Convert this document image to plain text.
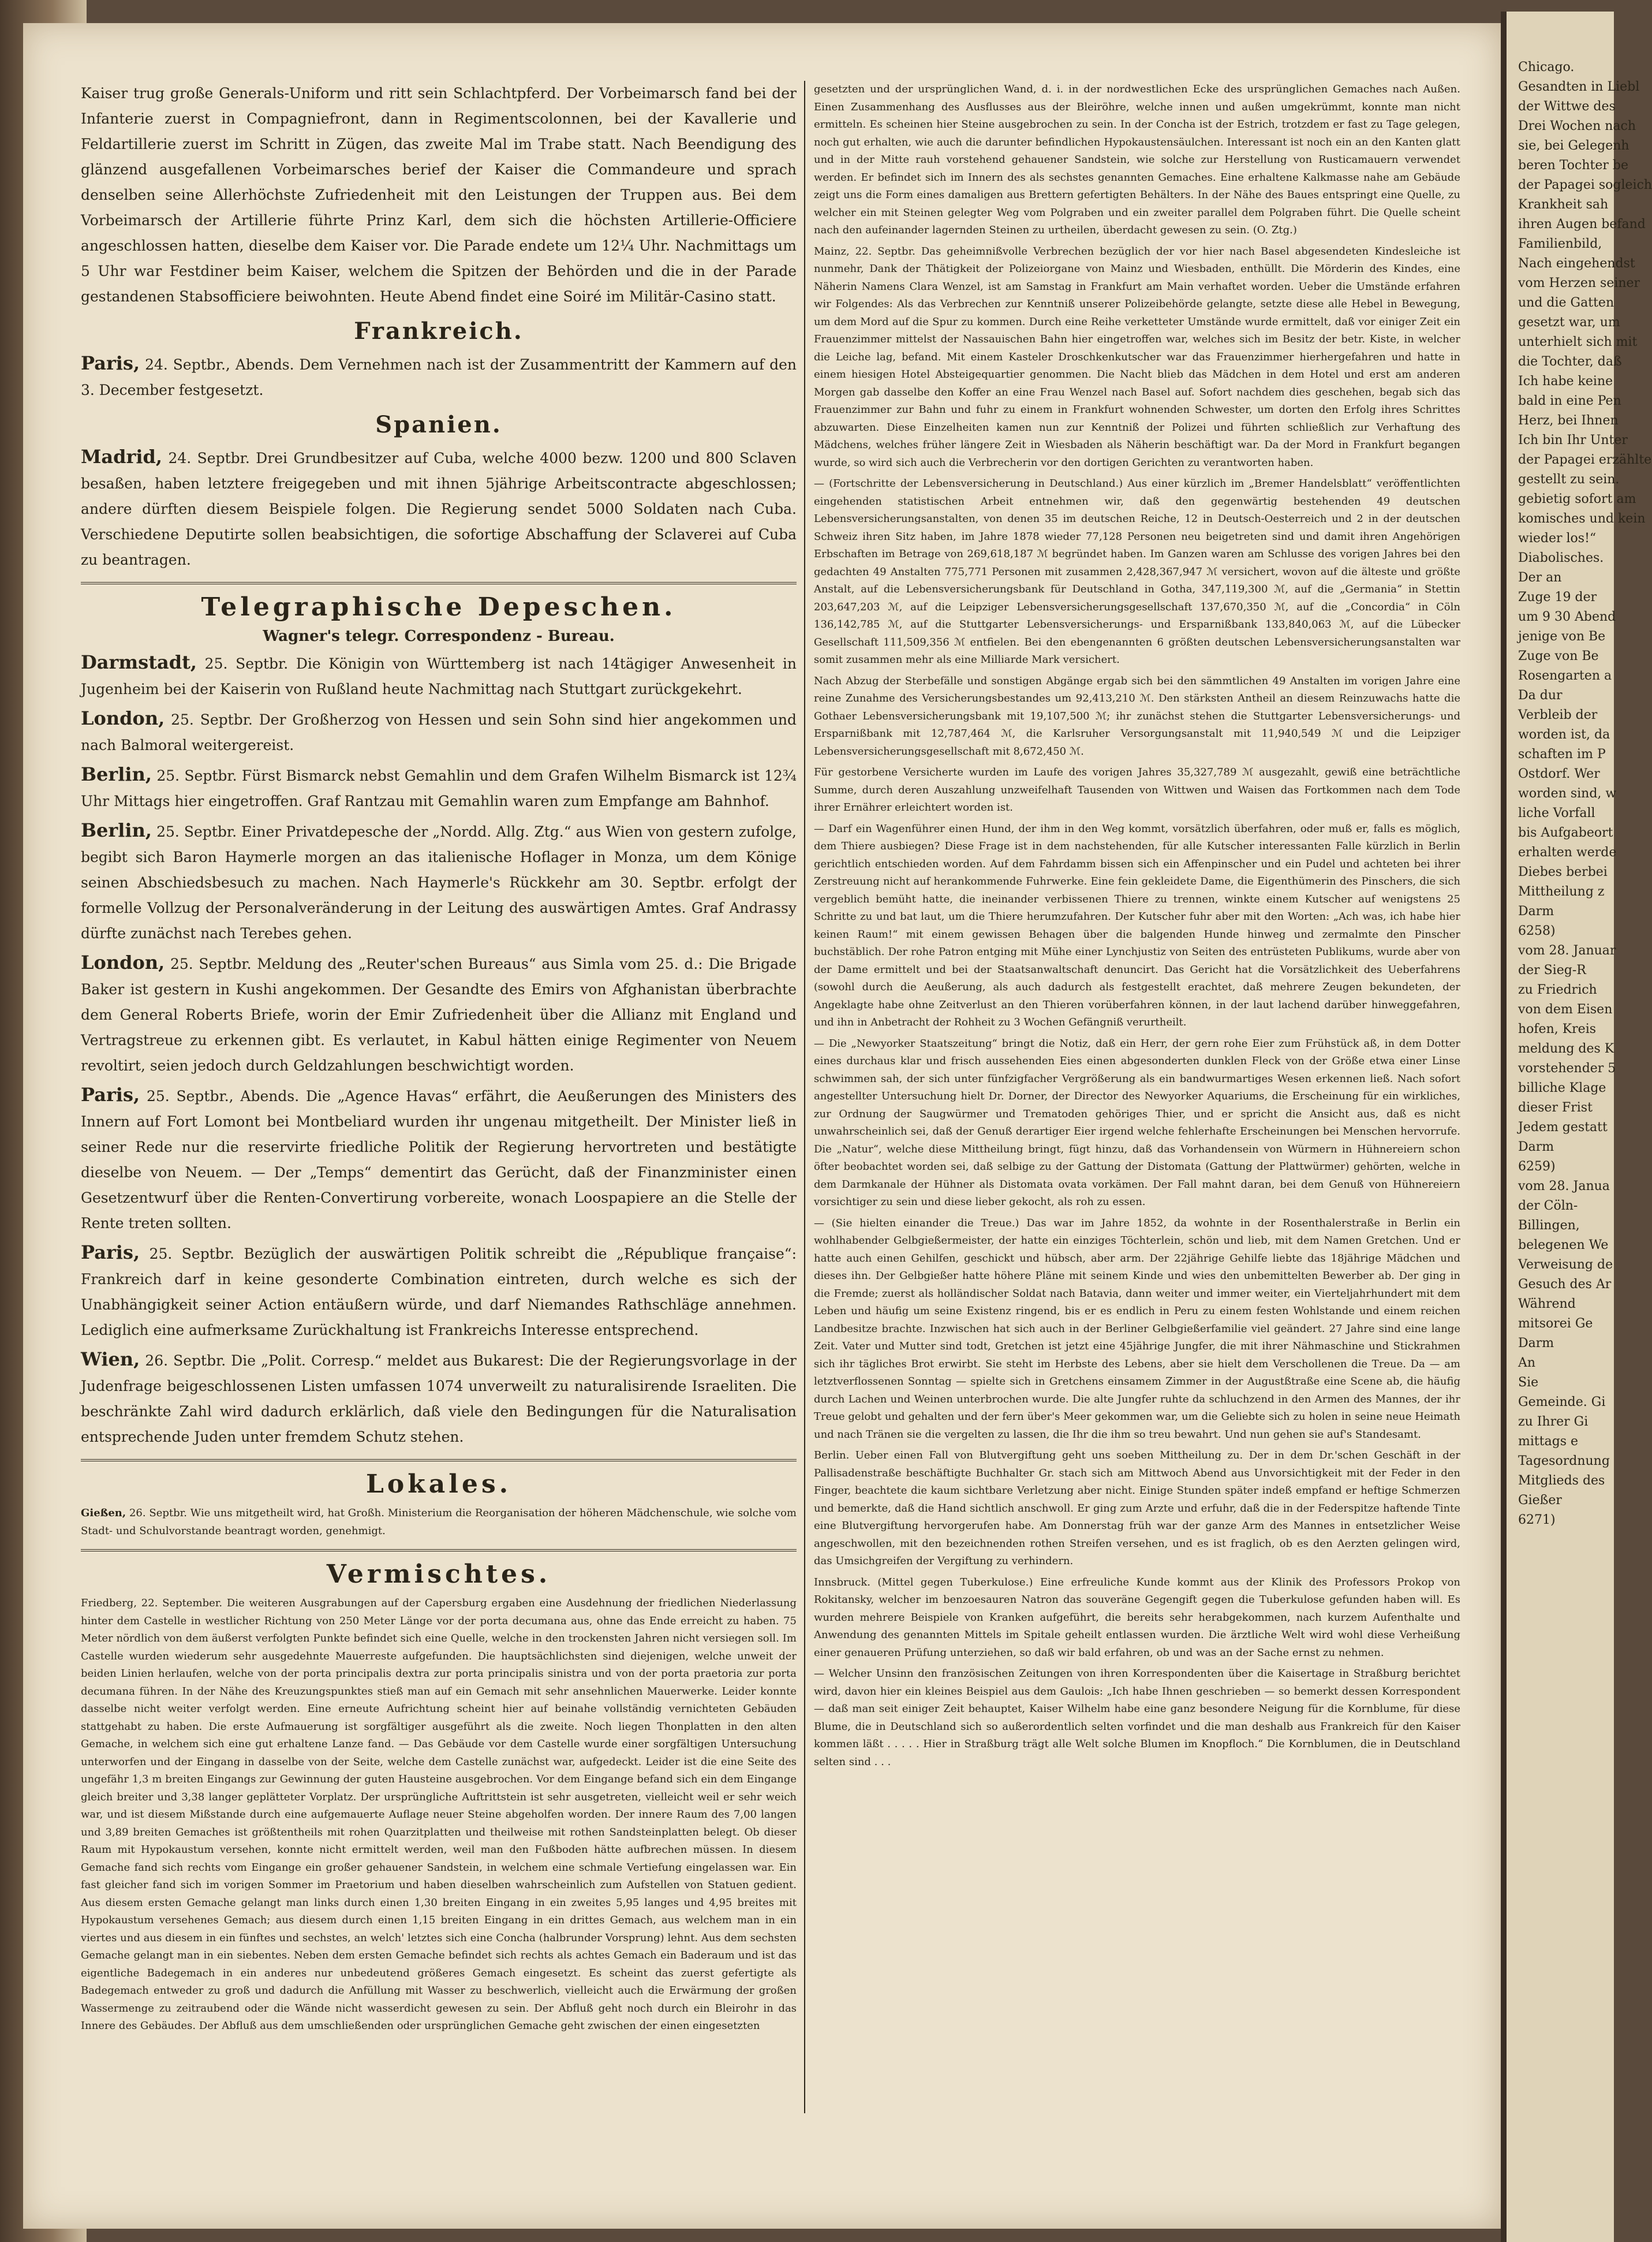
Kaiser trug große Generals-Uniform und ritt sein Schlachtpferd. Der Vorbeimarsch fand bei der Infanterie zuerst in Compagniefront, dann in Regimentscolonnen, bei der Kavallerie und Feldartillerie zuerst im Schritt in Zügen, das zweite Mal im Trabe statt. Nach Beendigung des glänzend ausgefallenen Vorbeimarsches berief der Kaiser die Commandeure und sprach denselben seine Allerhöchste Zufriedenheit mit den Leistungen der Truppen aus. Bei dem Vorbeimarsch der Artillerie führte Prinz Karl, dem sich die höchsten Artillerie-Officiere angeschlossen hatten, dieselbe dem Kaiser vor. Die Parade endete um 12¼ Uhr. Nachmittags um 5 Uhr war Festdiner beim Kaiser, welchem die Spitzen der Behörden und die in der Parade gestandenen Stabsofficiere beiwohnten. Heute Abend findet eine Soiré im Militär-Casino statt.

Frankreich.

Paris, 24. Septbr., Abends. Dem Vernehmen nach ist der Zusammentritt der Kammern auf den 3. December festgesetzt.

Spanien.

Madrid, 24. Septbr. Drei Grundbesitzer auf Cuba, welche 4000 bezw. 1200 und 800 Sclaven besaßen, haben letztere freigegeben und mit ihnen 5jährige Arbeitscontracte abgeschlossen; andere dürften diesem Beispiele folgen. Die Regierung sendet 5000 Soldaten nach Cuba. Verschiedene Deputirte sollen beabsichtigen, die sofortige Abschaffung der Sclaverei auf Cuba zu beantragen.

Telegraphische Depeschen.
Wagner's telegr. Correspondenz - Bureau.

Darmstadt, 25. Septbr. Die Königin von Württemberg ist nach 14tägiger Anwesenheit in Jugenheim bei der Kaiserin von Rußland heute Nachmittag nach Stuttgart zurückgekehrt.

London, 25. Septbr. Der Großherzog von Hessen und sein Sohn sind hier angekommen und nach Balmoral weitergereist.

Berlin, 25. Septbr. Fürst Bismarck nebst Gemahlin und dem Grafen Wilhelm Bismarck ist 12¾ Uhr Mittags hier eingetroffen. Graf Rantzau mit Gemahlin waren zum Empfange am Bahnhof.

Berlin, 25. Septbr. Einer Privatdepesche der „Nordd. Allg. Ztg.“ aus Wien von gestern zufolge, begibt sich Baron Haymerle morgen an das italienische Hoflager in Monza, um dem Könige seinen Abschiedsbesuch zu machen. Nach Haymerle's Rückkehr am 30. Septbr. erfolgt der formelle Vollzug der Personalveränderung in der Leitung des auswärtigen Amtes. Graf Andrassy dürfte zunächst nach Terebes gehen.

London, 25. Septbr. Meldung des „Reuter'schen Bureaus“ aus Simla vom 25. d.: Die Brigade Baker ist gestern in Kushi angekommen. Der Gesandte des Emirs von Afghanistan überbrachte dem General Roberts Briefe, worin der Emir Zufriedenheit über die Allianz mit England und Vertragstreue zu erkennen gibt. Es verlautet, in Kabul hätten einige Regimenter von Neuem revoltirt, seien jedoch durch Geldzahlungen beschwichtigt worden.

Paris, 25. Septbr., Abends. Die „Agence Havas“ erfährt, die Aeußerungen des Ministers des Innern auf Fort Lomont bei Montbeliard wurden ihr ungenau mitgetheilt. Der Minister ließ in seiner Rede nur die reservirte friedliche Politik der Regierung hervortreten und bestätigte dieselbe von Neuem. — Der „Temps“ dementirt das Gerücht, daß der Finanzminister einen Gesetzentwurf über die Renten-Convertirung vorbereite, wonach Loospapiere an die Stelle der Rente treten sollten.

Paris, 25. Septbr. Bezüglich der auswärtigen Politik schreibt die „République française“: Frankreich darf in keine gesonderte Combination eintreten, durch welche es sich der Unabhängigkeit seiner Action entäußern würde, und darf Niemandes Rathschläge annehmen. Lediglich eine aufmerksame Zurückhaltung ist Frankreichs Interesse entsprechend.

Wien, 26. Septbr. Die „Polit. Corresp.“ meldet aus Bukarest: Die der Regierungsvorlage in der Judenfrage beigeschlossenen Listen umfassen 1074 unverweilt zu naturalisirende Israeliten. Die beschränkte Zahl wird dadurch erklärlich, daß viele den Bedingungen für die Naturalisation entsprechende Juden unter fremdem Schutz stehen.

Lokales.

Gießen, 26. Septbr. Wie uns mitgetheilt wird, hat Großh. Ministerium die Reorganisation der höheren Mädchenschule, wie solche vom Stadt- und Schulvorstande beantragt worden, genehmigt.

Vermischtes.

Friedberg, 22. September. Die weiteren Ausgrabungen auf der Capersburg ergaben eine Ausdehnung der friedlichen Niederlassung hinter dem Castelle in westlicher Richtung von 250 Meter Länge vor der porta decumana aus, ohne das Ende erreicht zu haben. 75 Meter nördlich von dem äußerst verfolgten Punkte befindet sich eine Quelle, welche in den trockensten Jahren nicht versiegen soll. Im Castelle wurden wiederum sehr ausgedehnte Mauerreste aufgefunden. Die hauptsächlichsten sind diejenigen, welche unweit der beiden Linien herlaufen, welche von der porta principalis dextra zur porta principalis sinistra und von der porta praetoria zur porta decumana führen. In der Nähe des Kreuzungspunktes stieß man auf ein Gemach mit sehr ansehnlichen Mauerwerke. Leider konnte dasselbe nicht weiter verfolgt werden. Eine erneute Aufrichtung scheint hier auf beinahe vollständig vernichteten Gebäuden stattgehabt zu haben. Die erste Aufmauerung ist sorgfältiger ausgeführt als die zweite. Noch liegen Thonplatten in den alten Gemache, in welchem sich eine gut erhaltene Lanze fand. — Das Gebäude vor dem Castelle wurde einer sorgfältigen Untersuchung unterworfen und der Eingang in dasselbe von der Seite, welche dem Castelle zunächst war, aufgedeckt. Leider ist die eine Seite des ungefähr 1,3 m breiten Eingangs zur Gewinnung der guten Hausteine ausgebrochen. Vor dem Eingange befand sich ein dem Eingange gleich breiter und 3,38 langer geplätteter Vorplatz. Der ursprüngliche Auftrittstein ist sehr ausgetreten, vielleicht weil er sehr weich war, und ist diesem Mißstande durch eine aufgemauerte Auflage neuer Steine abgeholfen worden. Der innere Raum des 7,00 langen und 3,89 breiten Gemaches ist größtentheils mit rohen Quarzitplatten und theilweise mit rothen Sandsteinplatten belegt. Ob dieser Raum mit Hypokaustum versehen, konnte nicht ermittelt werden, weil man den Fußboden hätte aufbrechen müssen. In diesem Gemache fand sich rechts vom Eingange ein großer gehauener Sandstein, in welchem eine schmale Vertiefung eingelassen war. Ein fast gleicher fand sich im vorigen Sommer im Praetorium und haben dieselben wahrscheinlich zum Aufstellen von Statuen gedient. Aus diesem ersten Gemache gelangt man links durch einen 1,30 breiten Eingang in ein zweites 5,95 langes und 4,95 breites mit Hypokaustum versehenes Gemach; aus diesem durch einen 1,15 breiten Eingang in ein drittes Gemach, aus welchem man in ein viertes und aus diesem in ein fünftes und sechstes, an welch' letztes sich eine Concha (halbrunder Vorsprung) lehnt. Aus dem sechsten Gemache gelangt man in ein siebentes. Neben dem ersten Gemache befindet sich rechts als achtes Gemach ein Baderaum und ist das eigentliche Badegemach in ein anderes nur unbedeutend größeres Gemach eingesetzt. Es scheint das zuerst gefertigte als Badegemach entweder zu groß und dadurch die Anfüllung mit Wasser zu beschwerlich, vielleicht auch die Erwärmung der großen Wassermenge zu zeitraubend oder die Wände nicht wasserdicht gewesen zu sein. Der Abfluß geht noch durch ein Bleirohr in das Innere des Gebäudes. Der Abfluß aus dem umschließenden oder ursprünglichen Gemache geht zwischen der einen eingesetzten

gesetzten und der ursprünglichen Wand, d. i. in der nordwestlichen Ecke des ursprünglichen Gemaches nach Außen. Einen Zusammenhang des Ausflusses aus der Bleiröhre, welche innen und außen umgekrümmt, konnte man nicht ermitteln. Es scheinen hier Steine ausgebrochen zu sein. In der Concha ist der Estrich, trotzdem er fast zu Tage gelegen, noch gut erhalten, wie auch die darunter befindlichen Hypokaustensäulchen. Interessant ist noch ein an den Kanten glatt und in der Mitte rauh vorstehend gehauener Sandstein, wie solche zur Herstellung von Rusticamauern verwendet werden. Er befindet sich im Innern des als sechstes genannten Gemaches. Eine erhaltene Kalkmasse nahe am Gebäude zeigt uns die Form eines damaligen aus Brettern gefertigten Behälters. In der Nähe des Baues entspringt eine Quelle, zu welcher ein mit Steinen gelegter Weg vom Polgraben und ein zweiter parallel dem Polgraben führt. Die Quelle scheint nach den aufeinander lagernden Steinen zu urtheilen, überdacht gewesen zu sein. (O. Ztg.)

Mainz, 22. Septbr. Das geheimnißvolle Verbrechen bezüglich der vor hier nach Basel abgesendeten Kindesleiche ist nunmehr, Dank der Thätigkeit der Polizeiorgane von Mainz und Wiesbaden, enthüllt. Die Mörderin des Kindes, eine Näherin Namens Clara Wenzel, ist am Samstag in Frankfurt am Main verhaftet worden. Ueber die Umstände erfahren wir Folgendes: Als das Verbrechen zur Kenntniß unserer Polizeibehörde gelangte, setzte diese alle Hebel in Bewegung, um dem Mord auf die Spur zu kommen. Durch eine Reihe verketteter Umstände wurde ermittelt, daß vor einiger Zeit ein Frauenzimmer mittelst der Nassauischen Bahn hier eingetroffen war, welches sich im Besitz der betr. Kiste, in welcher die Leiche lag, befand. Mit einem Kasteler Droschkenkutscher war das Frauenzimmer hierhergefahren und hatte in einem hiesigen Hotel Absteigequartier genommen. Die Nacht blieb das Mädchen in dem Hotel und erst am anderen Morgen gab dasselbe den Koffer an eine Frau Wenzel nach Basel auf. Sofort nachdem dies geschehen, begab sich das Frauenzimmer zur Bahn und fuhr zu einem in Frankfurt wohnenden Schwester, um dorten den Erfolg ihres Schrittes abzuwarten. Diese Einzelheiten kamen nun zur Kenntniß der Polizei und führten schließlich zur Verhaftung des Mädchens, welches früher längere Zeit in Wiesbaden als Näherin beschäftigt war. Da der Mord in Frankfurt begangen wurde, so wird sich auch die Verbrecherin vor den dortigen Gerichten zu verantworten haben.

— (Fortschritte der Lebensversicherung in Deutschland.) Aus einer kürzlich im „Bremer Handelsblatt“ veröffentlichten eingehenden statistischen Arbeit entnehmen wir, daß den gegenwärtig bestehenden 49 deutschen Lebensversicherungsanstalten, von denen 35 im deutschen Reiche, 12 in Deutsch-Oesterreich und 2 in der deutschen Schweiz ihren Sitz haben, im Jahre 1878 wieder 77,128 Personen neu beigetreten sind und damit ihren Angehörigen Erbschaften im Betrage von 269,618,187 ℳ begründet haben. Im Ganzen waren am Schlusse des vorigen Jahres bei den gedachten 49 Anstalten 775,771 Personen mit zusammen 2,428,367,947 ℳ versichert, wovon auf die älteste und größte Anstalt, auf die Lebensversicherungsbank für Deutschland in Gotha, 347,119,300 ℳ, auf die „Germania“ in Stettin 203,647,203 ℳ, auf die Leipziger Lebensversicherungsgesellschaft 137,670,350 ℳ, auf die „Concordia“ in Cöln 136,142,785 ℳ, auf die Stuttgarter Lebensversicherungs- und Ersparnißbank 133,840,063 ℳ, auf die Lübecker Gesellschaft 111,509,356 ℳ entfielen. Bei den ebengenannten 6 größten deutschen Lebensversicherungsanstalten war somit zusammen mehr als eine Milliarde Mark versichert.

Nach Abzug der Sterbefälle und sonstigen Abgänge ergab sich bei den sämmtlichen 49 Anstalten im vorigen Jahre eine reine Zunahme des Versicherungsbestandes um 92,413,210 ℳ. Den stärksten Antheil an diesem Reinzuwachs hatte die Gothaer Lebensversicherungsbank mit 19,107,500 ℳ; ihr zunächst stehen die Stuttgarter Lebensversicherungs- und Ersparnißbank mit 12,787,464 ℳ, die Karlsruher Versorgungsanstalt mit 11,940,549 ℳ und die Leipziger Lebensversicherungsgesellschaft mit 8,672,450 ℳ.

Für gestorbene Versicherte wurden im Laufe des vorigen Jahres 35,327,789 ℳ ausgezahlt, gewiß eine beträchtliche Summe, durch deren Auszahlung unzweifelhaft Tausenden von Wittwen und Waisen das Fortkommen nach dem Tode ihrer Ernährer erleichtert worden ist.

— Darf ein Wagenführer einen Hund, der ihm in den Weg kommt, vorsätzlich überfahren, oder muß er, falls es möglich, dem Thiere ausbiegen? Diese Frage ist in dem nachstehenden, für alle Kutscher interessanten Falle kürzlich in Berlin gerichtlich entschieden worden. Auf dem Fahrdamm bissen sich ein Affenpinscher und ein Pudel und achteten bei ihrer Zerstreuung nicht auf herankommende Fuhrwerke. Eine fein gekleidete Dame, die Eigenthümerin des Pinschers, die sich vergeblich bemüht hatte, die ineinander verbissenen Thiere zu trennen, winkte einem Kutscher auf wenigstens 25 Schritte zu und bat laut, um die Thiere herumzufahren. Der Kutscher fuhr aber mit den Worten: „Ach was, ich habe hier keinen Raum!“ mit einem gewissen Behagen über die balgenden Hunde hinweg und zermalmte den Pinscher buchstäblich. Der rohe Patron entging mit Mühe einer Lynchjustiz von Seiten des entrüsteten Publikums, wurde aber von der Dame ermittelt und bei der Staatsanwaltschaft denuncirt. Das Gericht hat die Vorsätzlichkeit des Ueberfahrens (sowohl durch die Aeußerung, als auch dadurch als festgestellt erachtet, daß mehrere Zeugen bekundeten, der Angeklagte habe ohne Zeitverlust an den Thieren vorüberfahren können, in der laut lachend darüber hinweggefahren, und ihn in Anbetracht der Rohheit zu 3 Wochen Gefängniß verurtheilt.

— Die „Newyorker Staatszeitung“ bringt die Notiz, daß ein Herr, der gern rohe Eier zum Frühstück aß, in dem Dotter eines durchaus klar und frisch aussehenden Eies einen abgesonderten dunklen Fleck von der Größe etwa einer Linse schwimmen sah, der sich unter fünfzigfacher Vergrößerung als ein bandwurmartiges Wesen erkennen ließ. Nach sofort angestellter Untersuchung hielt Dr. Dorner, der Director des Newyorker Aquariums, die Erscheinung für ein wirkliches, zur Ordnung der Saugwürmer und Trematoden gehöriges Thier, und er spricht die Ansicht aus, daß es nicht unwahrscheinlich sei, daß der Genuß derartiger Eier irgend welche fehlerhafte Erscheinungen bei Menschen hervorrufe. Die „Natur“, welche diese Mittheilung bringt, fügt hinzu, daß das Vorhandensein von Würmern in Hühnereiern schon öfter beobachtet worden sei, daß selbige zu der Gattung der Distomata (Gattung der Plattwürmer) gehörten, welche in dem Darmkanale der Hühner als Distomata ovata vorkämen. Der Fall mahnt daran, bei dem Genuß von Hühnereiern vorsichtiger zu sein und diese lieber gekocht, als roh zu essen.

— (Sie hielten einander die Treue.) Das war im Jahre 1852, da wohnte in der Rosenthalerstraße in Berlin ein wohlhabender Gelbgießermeister, der hatte ein einziges Töchterlein, schön und lieb, mit dem Namen Gretchen. Und er hatte auch einen Gehilfen, geschickt und hübsch, aber arm. Der 22jährige Gehilfe liebte das 18jährige Mädchen und dieses ihn. Der Gelbgießer hatte höhere Pläne mit seinem Kinde und wies den unbemittelten Bewerber ab. Der ging in die Fremde; zuerst als holländischer Soldat nach Batavia, dann weiter und immer weiter, ein Vierteljahrhundert mit dem Leben und häufig um seine Existenz ringend, bis er es endlich in Peru zu einem festen Wohlstande und einem reichen Landbesitze brachte. Inzwischen hat sich auch in der Berliner Gelbgießerfamilie viel geändert. 27 Jahre sind eine lange Zeit. Vater und Mutter sind todt, Gretchen ist jetzt eine 45jährige Jungfer, die mit ihrer Nähmaschine und Stickrahmen sich ihr tägliches Brot erwirbt. Sie steht im Herbste des Lebens, aber sie hielt dem Verschollenen die Treue. Da — am letztverflossenen Sonntag — spielte sich in Gretchens einsamem Zimmer in der Augustßtraße eine Scene ab, die häufig durch Lachen und Weinen unterbrochen wurde. Die alte Jungfer ruhte da schluchzend in den Armen des Mannes, der ihr Treue gelobt und gehalten und der fern über's Meer gekommen war, um die Geliebte sich zu holen in seine neue Heimath und nach Tränen sie die vergelten zu lassen, die Ihr die ihm so treu bewahrt. Und nun gehen sie auf's Standesamt.

Berlin. Ueber einen Fall von Blutvergiftung geht uns soeben Mittheilung zu. Der in dem Dr.'schen Geschäft in der Pallisadenstraße beschäftigte Buchhalter Gr. stach sich am Mittwoch Abend aus Unvorsichtigkeit mit der Feder in den Finger, beachtete die kaum sichtbare Verletzung aber nicht. Einige Stunden später indeß empfand er heftige Schmerzen und bemerkte, daß die Hand sichtlich anschwoll. Er ging zum Arzte und erfuhr, daß die in der Federspitze haftende Tinte eine Blutvergiftung hervorgerufen habe. Am Donnerstag früh war der ganze Arm des Mannes in entsetzlicher Weise angeschwollen, mit den bezeichnenden rothen Streifen versehen, und es ist fraglich, ob es den Aerzten gelingen wird, das Umsichgreifen der Vergiftung zu verhindern.

Innsbruck. (Mittel gegen Tuberkulose.) Eine erfreuliche Kunde kommt aus der Klinik des Professors Prokop von Rokitansky, welcher im benzoesauren Natron das souveräne Gegengift gegen die Tuberkulose gefunden haben will. Es wurden mehrere Beispiele von Kranken aufgeführt, die bereits sehr herabgekommen, nach kurzem Aufenthalte und Anwendung des genannten Mittels im Spitale geheilt entlassen wurden. Die ärztliche Welt wird wohl diese Verheißung einer genaueren Prüfung unterziehen, so daß wir bald erfahren, ob und was an der Sache ernst zu nehmen.

— Welcher Unsinn den französischen Zeitungen von ihren Korrespondenten über die Kaisertage in Straßburg berichtet wird, davon hier ein kleines Beispiel aus dem Gaulois: „Ich habe Ihnen geschrieben — so bemerkt dessen Korrespondent — daß man seit einiger Zeit behauptet, Kaiser Wilhelm habe eine ganz besondere Neigung für die Kornblume, für diese Blume, die in Deutschland sich so außerordentlich selten vorfindet und die man deshalb aus Frankreich für den Kaiser kommen läßt . . . . . Hier in Straßburg trägt alle Welt solche Blumen im Knopfloch.“ Die Kornblumen, die in Deutschland selten sind . . .

Chicago.
Gesandten in Liebl
der Wittwe des
Drei Wochen nach
sie, bei Gelegenh
beren Tochter be
der Papagei sogleich
Krankheit sah
ihren Augen befand
Familienbild,
Nach eingehendst
vom Herzen seiner
und die Gatten
gesetzt war, um
unterhielt sich mit
die Tochter, daß
Ich habe keine
bald in eine Pen
Herz, bei Ihnen
Ich bin Ihr Unter
der Papagei erzählte
gestellt zu sein.
gebietig sofort am
komisches und kein
wieder los!“
Diabolisches.
Der an
Zuge 19 der
um 9 30 Abend
jenige von Be
Zuge von Be
Rosengarten a
Da dur
Verbleib der
worden ist, da
schaften im P
Ostdorf. Wer
worden sind, w
liche Vorfall
bis Aufgabeort
erhalten werde
Diebes berbei
Mittheilung z
Darm
6258)
vom 28. Januar
der Sieg-R
zu Friedrich
von dem Eisen
hofen, Kreis
meldung des K
vorstehender 5
billiche Klage
dieser Frist
Jedem gestatt
Darm
6259)
vom 28. Janua
der Cöln-
Billingen,
belegenen We
Verweisung de
Gesuch des Ar
Während
mitsorei Ge
Darm
An
Sie
Gemeinde. Gi
zu Ihrer Gi
mittags e
Tagesordnung
Mitglieds des
Gießer
6271)
